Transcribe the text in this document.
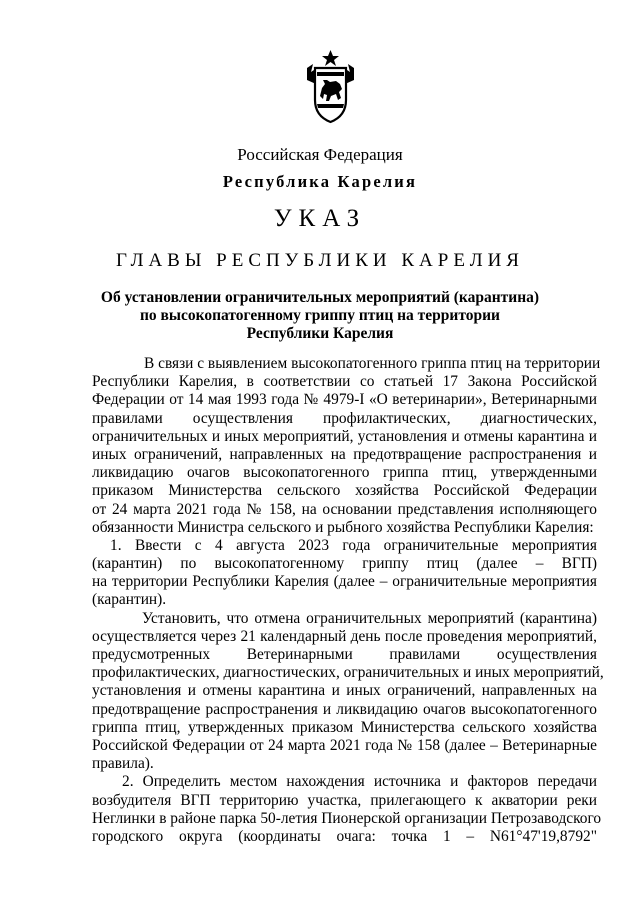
Российская Федерация
Республика Карелия
УКАЗ
ГЛАВЫ РЕСПУБЛИКИ КАРЕЛИЯ
Об установлении ограничительных мероприятий (карантина)
по высокопатогенному гриппу птиц на территории
Республики Карелия
В связи с выявлением высокопатогенного гриппа птиц на территории
Республики Карелия, в соответствии со статьей 17 Закона Российской
Федерации от 14 мая 1993 года № 4979-I «О ветеринарии», Ветеринарными
правилами осуществления профилактических, диагностических,
ограничительных и иных мероприятий, установления и отмены карантина и
иных ограничений, направленных на предотвращение распространения и
ликвидацию очагов высокопатогенного гриппа птиц, утвержденными
приказом Министерства сельского хозяйства Российской Федерации
от 24 марта 2021 года № 158, на основании представления исполняющего
обязанности Министра сельского и рыбного хозяйства Республики Карелия:
1. Ввести с 4 августа 2023 года ограничительные мероприятия
(карантин) по высокопатогенному гриппу птиц (далее – ВГП)
на территории Республики Карелия (далее – ограничительные мероприятия
(карантин).
Установить, что отмена ограничительных мероприятий (карантина)
осуществляется через 21 календарный день после проведения мероприятий,
предусмотренных Ветеринарными правилами осуществления
профилактических, диагностических, ограничительных и иных мероприятий,
установления и отмены карантина и иных ограничений, направленных на
предотвращение распространения и ликвидацию очагов высокопатогенного
гриппа птиц, утвержденных приказом Министерства сельского хозяйства
Российской Федерации от 24 марта 2021 года № 158 (далее – Ветеринарные
правила).
2. Определить местом нахождения источника и факторов передачи
возбудителя ВГП территорию участка, прилегающего к акватории реки
Неглинки в районе парка 50-летия Пионерской организации Петрозаводского
городского округа (координаты очага: точка 1 – N61°47'19,8792"
